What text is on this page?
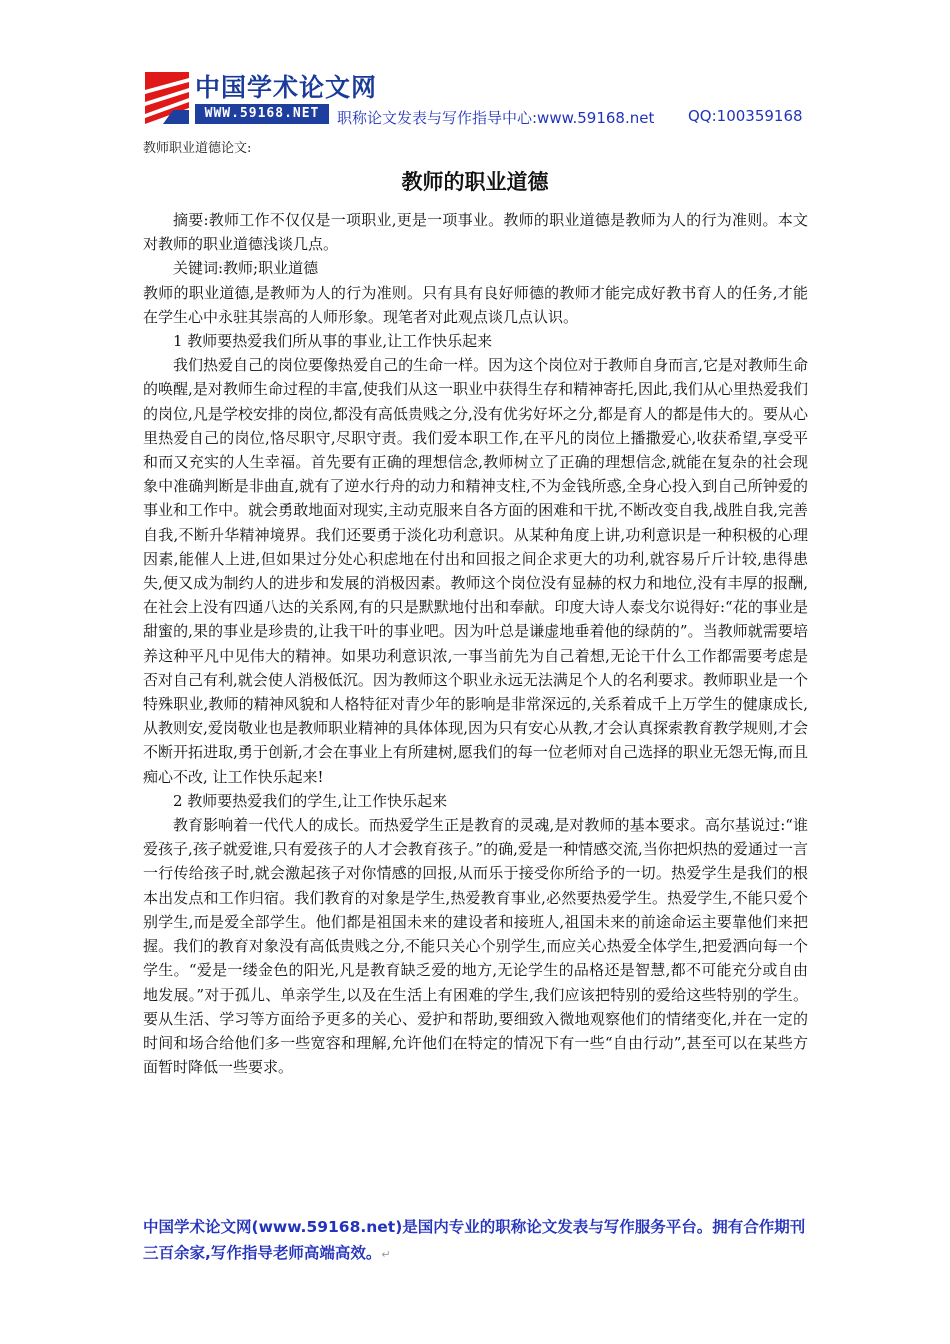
中国学术论文网
WWW.59168.NET	职称论文发表与写作指导中心:www.59168.net QQ:100359168
教师职业道德论文:
教师的职业道德

摘要:教师工作不仅仅是一项职业,更是一项事业。教师的职业道德是教师为人的行为准则。本文对教师的职业道德浅谈几点。

关键词:教师;职业道德

教师的职业道德,是教师为人的行为准则。只有具有良好师德的教师才能完成好教书育人的任务,才能在学生心中永驻其崇高的人师形象。现笔者对此观点谈几点认识。

1 教师要热爱我们所从事的事业,让工作快乐起来

我们热爱自己的岗位要像热爱自己的生命一样。因为这个岗位对于教师自身而言,它是对教师生命的唤醒,是对教师生命过程的丰富,使我们从这一职业中获得生存和精神寄托,因此,我们从心里热爱我们的岗位,凡是学校安排的岗位,都没有高低贵贱之分,没有优劣好坏之分,都是育人的都是伟大的。要从心里热爱自己的岗位,恪尽职守,尽职守责。我们爱本职工作,在平凡的岗位上播撒爱心,收获希望,享受平和而又充实的人生幸福。首先要有正确的理想信念,教师树立了正确的理想信念,就能在复杂的社会现象中准确判断是非曲直,就有了逆水行舟的动力和精神支柱,不为金钱所惑,全身心投入到自己所钟爱的事业和工作中。就会勇敢地面对现实,主动克服来自各方面的困难和干扰,不断改变自我,战胜自我,完善自我,不断升华精神境界。我们还要勇于淡化功利意识。从某种角度上讲,功利意识是一种积极的心理因素,能催人上进,但如果过分处心积虑地在付出和回报之间企求更大的功利,就容易斤斤计较,患得患失,便又成为制约人的进步和发展的消极因素。教师这个岗位没有显赫的权力和地位,没有丰厚的报酬,在社会上没有四通八达的关系网,有的只是默默地付出和奉献。印度大诗人泰戈尔说得好:“花的事业是甜蜜的,果的事业是珍贵的,让我干叶的事业吧。因为叶总是谦虚地垂着他的绿荫的”。当教师就需要培养这种平凡中见伟大的精神。如果功利意识浓,一事当前先为自己着想,无论干什么工作都需要考虑是否对自己有利,就会使人消极低沉。因为教师这个职业永远无法满足个人的名利要求。教师职业是一个特殊职业,教师的精神风貌和人格特征对青少年的影响是非常深远的,关系着成千上万学生的健康成长,从教则安,爱岗敬业也是教师职业精神的具体体现,因为只有安心从教,才会认真探索教育教学规则,才会不断开拓进取,勇于创新,才会在事业上有所建树,愿我们的每一位老师对自己选择的职业无怨无悔,而且痴心不改, 让工作快乐起来!

2 教师要热爱我们的学生,让工作快乐起来

教育影响着一代代人的成长。而热爱学生正是教育的灵魂,是对教师的基本要求。高尔基说过:“谁爱孩子,孩子就爱谁,只有爱孩子的人才会教育孩子。”的确,爱是一种情感交流,当你把炽热的爱通过一言一行传给孩子时,就会激起孩子对你情感的回报,从而乐于接受你所给予的一切。热爱学生是我们的根本出发点和工作归宿。我们教育的对象是学生,热爱教育事业,必然要热爱学生。热爱学生,不能只爱个别学生,而是爱全部学生。他们都是祖国未来的建设者和接班人,祖国未来的前途命运主要靠他们来把握。我们的教育对象没有高低贵贱之分,不能只关心个别学生,而应关心热爱全体学生,把爱洒向每一个学生。“爱是一缕金色的阳光,凡是教育缺乏爱的地方,无论学生的品格还是智慧,都不可能充分或自由地发展。”对于孤儿、单亲学生,以及在生活上有困难的学生,我们应该把特别的爱给这些特别的学生。要从生活、学习等方面给予更多的关心、爱护和帮助,要细致入微地观察他们的情绪变化,并在一定的时间和场合给他们多一些宽容和理解,允许他们在特定的情况下有一些“自由行动”,甚至可以在某些方面暂时降低一些要求。

中国学术论文网(www.59168.net)是国内专业的职称论文发表与写作服务平台。拥有合作期刊三百余家,写作指导老师高端高效。↵
